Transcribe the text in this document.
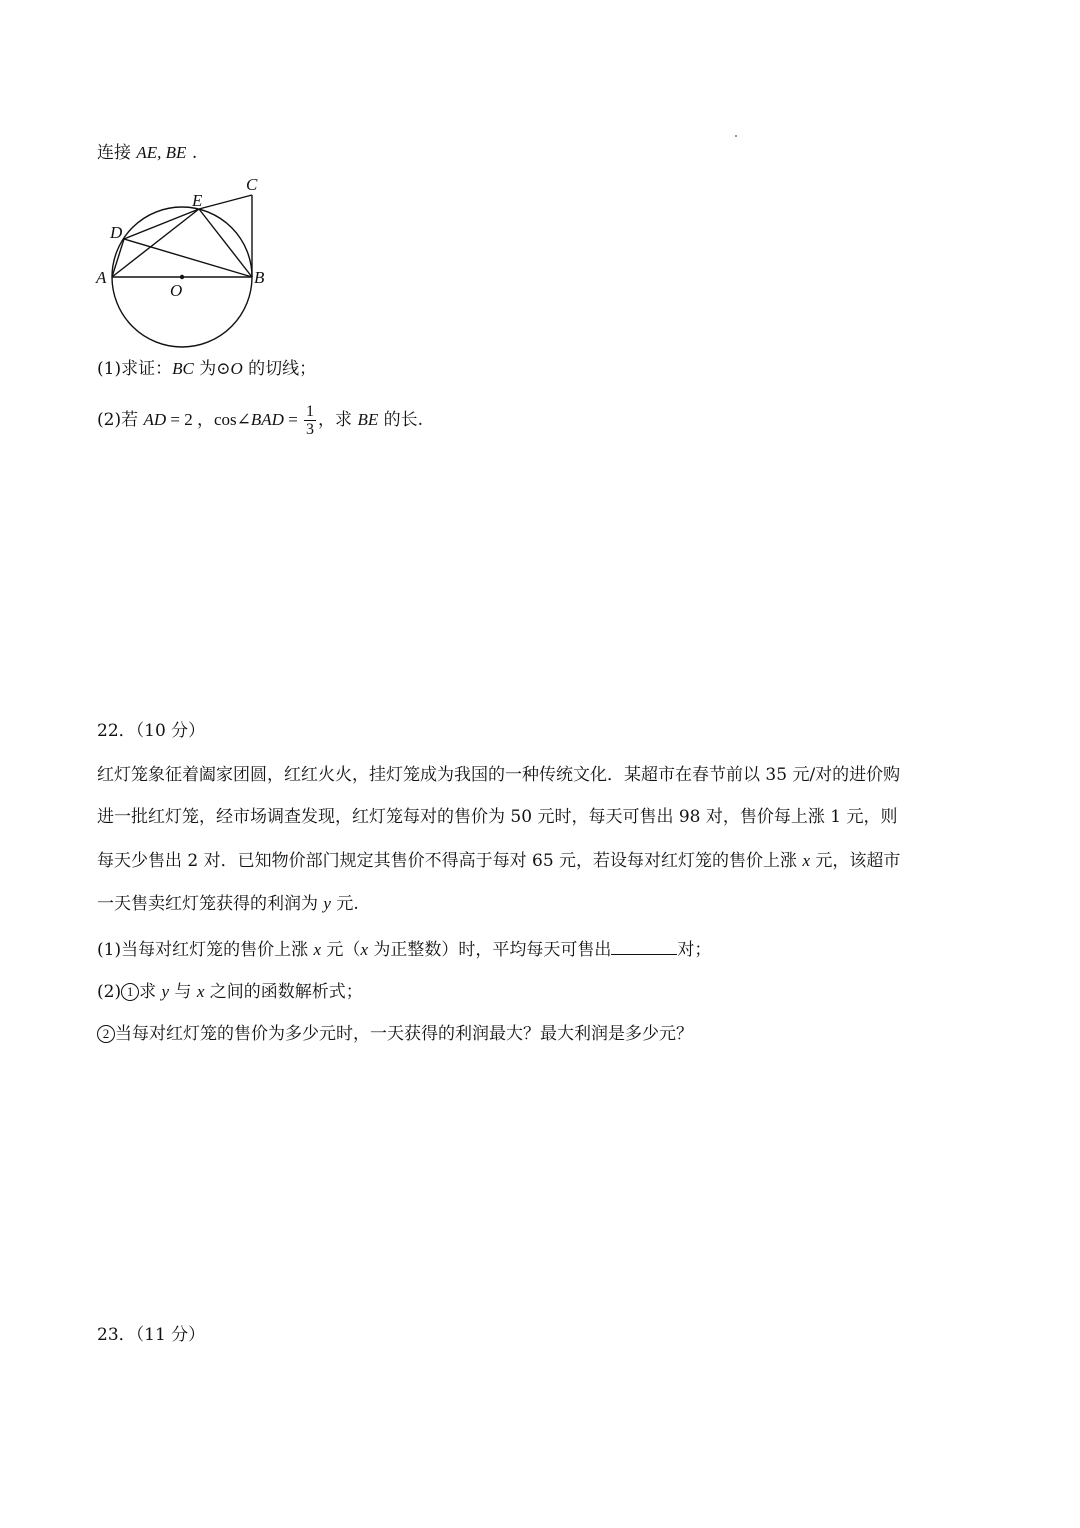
连接 AE, BE .
C
E
D
A	B
O
(1)求证：BC 为⊙O 的切线；
(2)若 AD = 2 ，cos∠BAD = $\frac{1}{3}$ ，求 BE 的长.
22．（10 分）
红灯笼象征着阖家团圆，红红火火，挂灯笼成为我国的一种传统文化．某超市在春节前以 35 元/对的进价购
进一批红灯笼，经市场调查发现，红灯笼每对的售价为 50 元时，每天可售出 98 对，售价每上涨 1 元，则
每天少售出 2 对．已知物价部门规定其售价不得高于每对 65 元，若设每对红灯笼的售价上涨 x 元，该超市
一天售卖红灯笼获得的利润为 y 元.
(1)当每对红灯笼的售价上涨 x 元（x 为正整数）时，平均每天可售出	对；
(2) 1 求 y 与 x 之间的函数解析式；
2 当每对红灯笼的售价为多少元时，一天获得的利润最大？最大利润是多少元？
23．（11 分）
